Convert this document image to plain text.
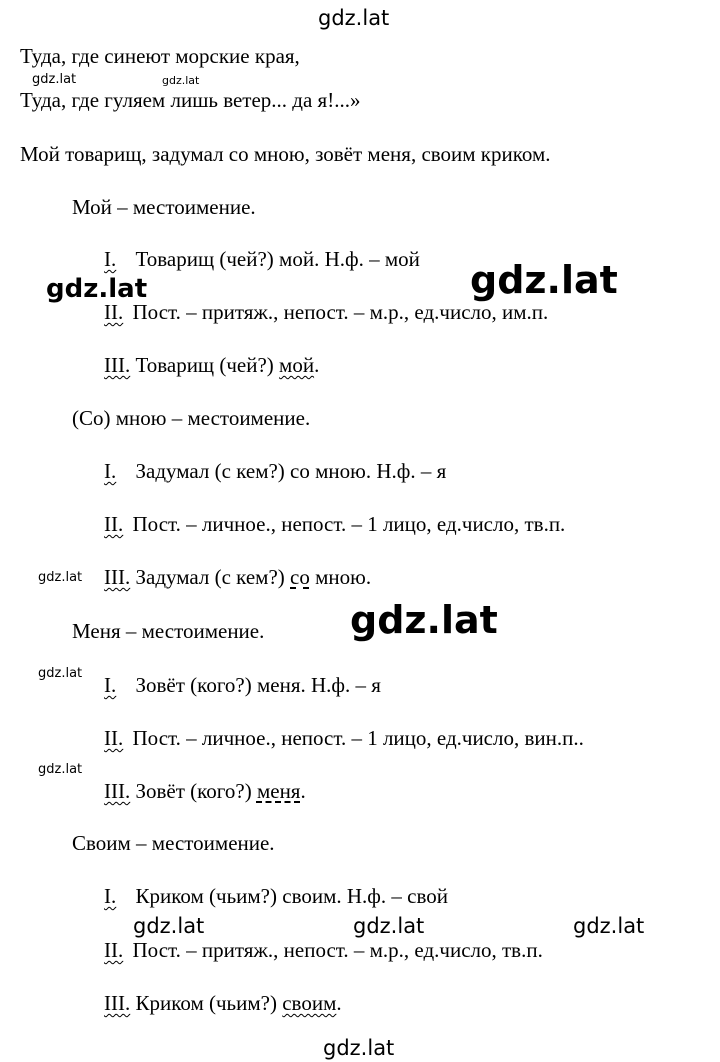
gdz.lat
gdz.lat	gdz.lat
gdz.lat	gdz.lat
gdz.lat
gdz.lat
gdz.lat
gdz.lat
gdz.lat	gdz.lat	gdz.lat
gdz.lat
Туда, где синеют морские края,
Туда, где гуляем лишь ветер... да я!...»
Мой товарищ, задумал со мною, зовёт меня, своим криком.
Мой – местоимение.
I. Товарищ (чей?) мой. Н.ф. – мой
II. Пост. – притяж., непост. – м.р., ед.число, им.п.
III. Товарищ (чей?) мой.
(Со) мною – местоимение.
I. Задумал (с кем?) со мною. Н.ф. – я
II. Пост. – личное., непост. – 1 лицо, ед.число, тв.п.
III. Задумал (с кем?) со мною.
Меня – местоимение.
I. Зовёт (кого?) меня. Н.ф. – я
II. Пост. – личное., непост. – 1 лицо, ед.число, вин.п..
III. Зовёт (кого?) меня.
Своим – местоимение.
I. Криком (чьим?) своим. Н.ф. – свой
II. Пост. – притяж., непост. – м.р., ед.число, тв.п.
III. Криком (чьим?) своим.
